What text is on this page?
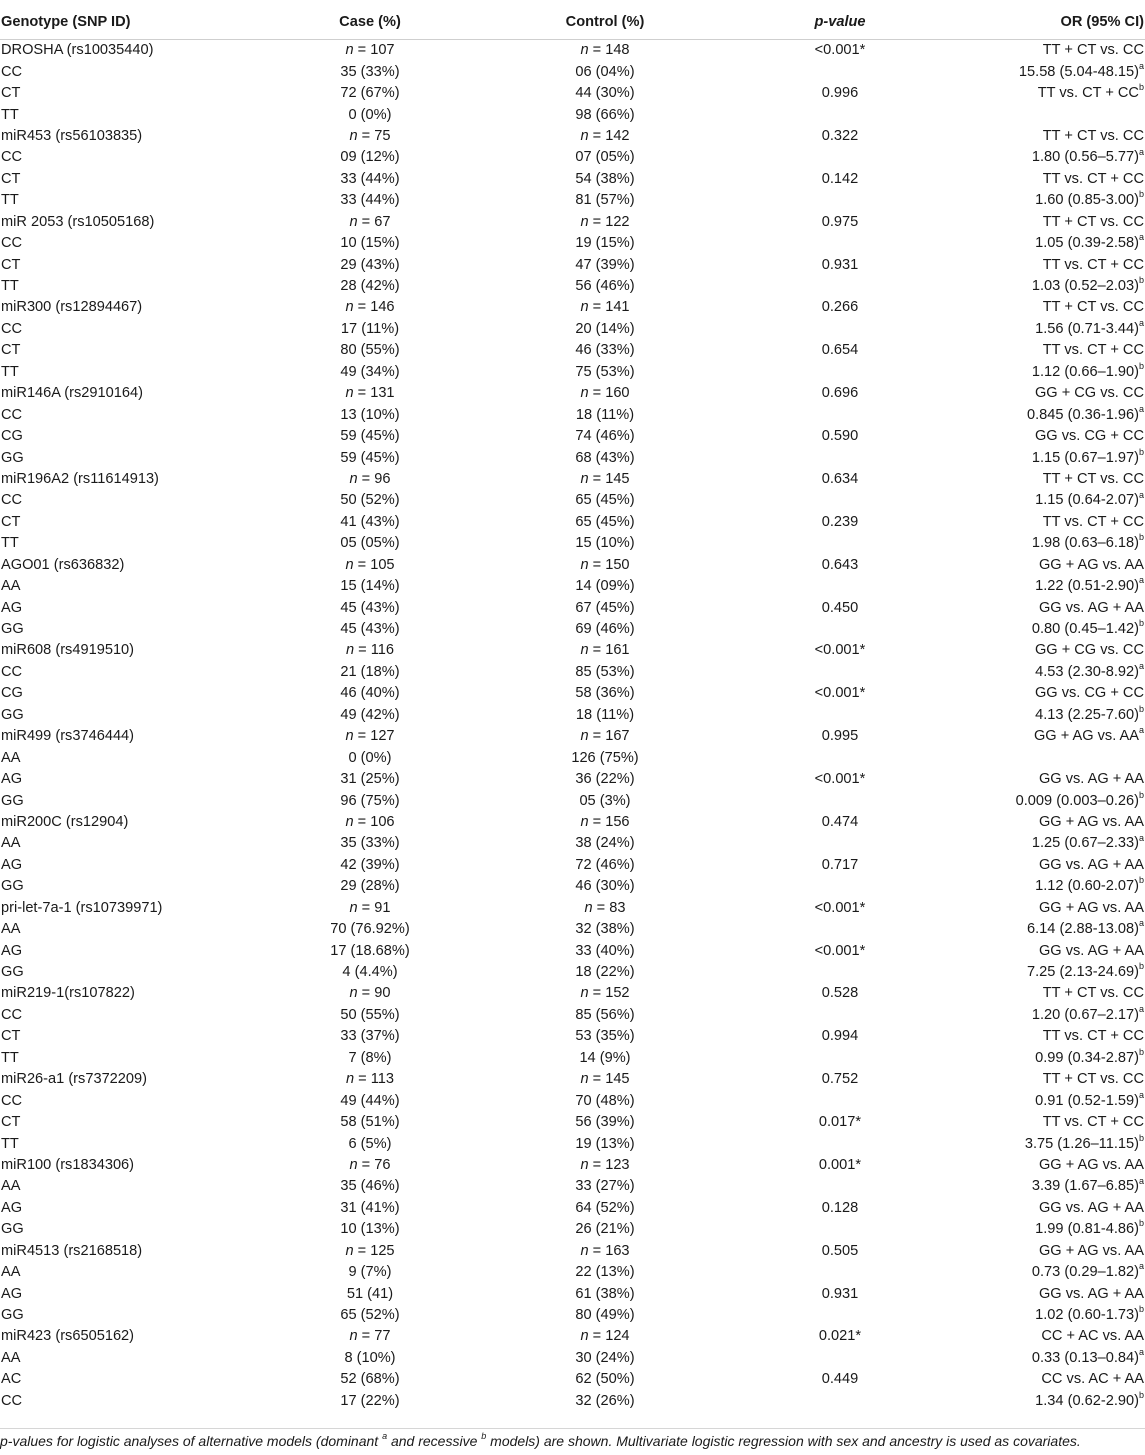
Genotype (SNP ID)	Case (%)	Control (%)	p-value	OR (95% CI)
DROSHA (rs10035440)	n = 107	n = 148	<0.001*	TT + CT vs. CC
CC	35 (33%)	06 (04%)		15.58 $(5.04-48.15)^a$
CT	72 (67%)	44 (30%)	0.996	TT vs. CT + $CC^b$
TT	0 (0%)	98 (66%)		
miR453 (rs56103835)	n = 75	n = 142	0.322	TT + CT vs. CC
CC	09 (12%)	07 (05%)		1.80 $(0.56-5.77)^a$
CT	33 (44%)	54 (38%)	0.142	TT vs. CT + CC
TT	33 (44%)	81 (57%)		1.60 $(0.85-3.00)^b$
miR 2053 (rs10505168)	n = 67	n = 122	0.975	TT + CT vs. CC
CC	10 (15%)	19 (15%)		1.05 $(0.39-2.58)^a$
CT	29 (43%)	47 (39%)	0.931	TT vs. CT + CC
TT	28 (42%)	56 (46%)		1.03 $(0.52-2.03)^b$
miR300 (rs12894467)	n = 146	n = 141	0.266	TT + CT vs. CC
CC	17 (11%)	20 (14%)		1.56 $(0.71-3.44)^a$
CT	80 (55%)	46 (33%)	0.654	TT vs. CT + CC
TT	49 (34%)	75 (53%)		1.12 $(0.66-1.90)^b$
miR146A (rs2910164)	n = 131	n = 160	0.696	GG + CG vs. CC
CC	13 (10%)	18 (11%)		0.845 $(0.36-1.96)^a$
CG	59 (45%)	74 (46%)	0.590	GG vs. CG + CC
GG	59 (45%)	68 (43%)		1.15 $(0.67-1.97)^b$
miR196A2 (rs11614913)	n = 96	n = 145	0.634	TT + CT vs. CC
CC	50 (52%)	65 (45%)		1.15 $(0.64-2.07)^a$
CT	41 (43%)	65 (45%)	0.239	TT vs. CT + CC
TT	05 (05%)	15 (10%)		1.98 $(0.63-6.18)^b$
AGO01 (rs636832)	n = 105	n = 150	0.643	GG + AG vs. AA
AA	15 (14%)	14 (09%)		1.22 $(0.51-2.90)^a$
AG	45 (43%)	67 (45%)	0.450	GG vs. AG + AA
GG	45 (43%)	69 (46%)		0.80 $(0.45-1.42)^b$
miR608 (rs4919510)	n = 116	n = 161	<0.001*	GG + CG vs. CC
CC	21 (18%)	85 (53%)		4.53 $(2.30-8.92)^a$
CG	46 (40%)	58 (36%)	<0.001*	GG vs. CG + CC
GG	49 (42%)	18 (11%)		4.13 $(2.25-7.60)^b$
miR499 (rs3746444)	n = 127	n = 167	0.995	GG + AG vs. $AA^a$
AA	0 (0%)	126 (75%)		
AG	31 (25%)	36 (22%)	<0.001*	GG vs. AG + AA
GG	96 (75%)	05 (3%)		0.009 $(0.003-0.26)^b$
miR200C (rs12904)	n = 106	n = 156	0.474	GG + AG vs. AA
AA	35 (33%)	38 (24%)		1.25 $(0.67-2.33)^a$
AG	42 (39%)	72 (46%)	0.717	GG vs. AG + AA
GG	29 (28%)	46 (30%)		1.12 $(0.60-2.07)^b$
pri-let-7a-1 (rs10739971)	n = 91	n = 83	<0.001*	GG + AG vs. AA
AA	70 (76.92%)	32 (38%)		6.14 $(2.88-13.08)^a$
AG	17 (18.68%)	33 (40%)	<0.001*	GG vs. AG + AA
GG	4 (4.4%)	18 (22%)		7.25 $(2.13-24.69)^b$
miR219-1(rs107822)	n = 90	n = 152	0.528	TT + CT vs. CC
CC	50 (55%)	85 (56%)		1.20 $(0.67-2.17)^a$
CT	33 (37%)	53 (35%)	0.994	TT vs. CT + CC
TT	7 (8%)	14 (9%)		0.99 $(0.34-2.87)^b$
miR26-a1 (rs7372209)	n = 113	n = 145	0.752	TT + CT vs. CC
CC	49 (44%)	70 (48%)		0.91 $(0.52-1.59)^a$
CT	58 (51%)	56 (39%)	0.017*	TT vs. CT + CC
TT	6 (5%)	19 (13%)		3.75 $(1.26-11.15)^b$
miR100 (rs1834306)	n = 76	n = 123	0.001*	GG + AG vs. AA
AA	35 (46%)	33 (27%)		3.39 $(1.67-6.85)^a$
AG	31 (41%)	64 (52%)	0.128	GG vs. AG + AA
GG	10 (13%)	26 (21%)		1.99 $(0.81-4.86)^b$
miR4513 (rs2168518)	n = 125	n = 163	0.505	GG + AG vs. AA
AA	9 (7%)	22 (13%)		0.73 $(0.29-1.82)^a$
AG	51 (41)	61 (38%)	0.931	GG vs. AG + AA
GG	65 (52%)	80 (49%)		1.02 $(0.60-1.73)^b$
miR423 (rs6505162)	n = 77	n = 124	0.021*	CC + AC vs. AA
AA	8 (10%)	30 (24%)		0.33 $(0.13-0.84)^a$
AC	52 (68%)	62 (50%)	0.449	CC vs. AC + AA
CC	17 (22%)	32 (26%)		1.34 $(0.62-2.90)^b$
p-values for logistic analyses of alternative models (dominant $^a$ and recessive $^b$ models) are shown. Multivariate logistic regression with sex and ancestry is used as covariates.
